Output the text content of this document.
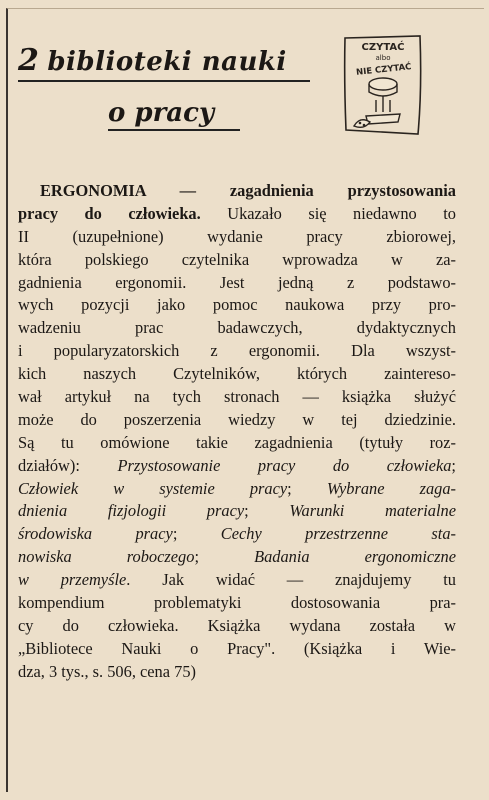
2 biblioteki nauki
o pracy
CZYTAĆ
albo
NIE CZYTAĆ
ERGONOMIA — zagadnienia przystosowania
pracy do człowieka. Ukazało się niedawno to
II (uzupełnione) wydanie pracy zbiorowej,
która polskiego czytelnika wprowadza w za-
gadnienia ergonomii. Jest jedną z podstawo-
wych pozycji jako pomoc naukowa przy pro-
wadzeniu prac badawczych, dydaktycznych
i popularyzatorskich z ergonomii. Dla wszyst-
kich naszych Czytelników, których zaintereso-
wał artykuł na tych stronach — książka służyć
może do poszerzenia wiedzy w tej dziedzinie.
Są tu omówione takie zagadnienia (tytuły roz-
działów): Przystosowanie pracy do człowieka;
Człowiek w systemie pracy; Wybrane zaga-
dnienia fizjologii pracy; Warunki materialne
środowiska pracy; Cechy przestrzenne sta-
nowiska roboczego; Badania ergonomiczne
w przemyśle. Jak widać — znajdujemy tu
kompendium problematyki dostosowania pra-
cy do człowieka. Książka wydana została w
„Bibliotece Nauki o Pracy". (Książka i Wie-
dza, 3 tys., s. 506, cena 75)
